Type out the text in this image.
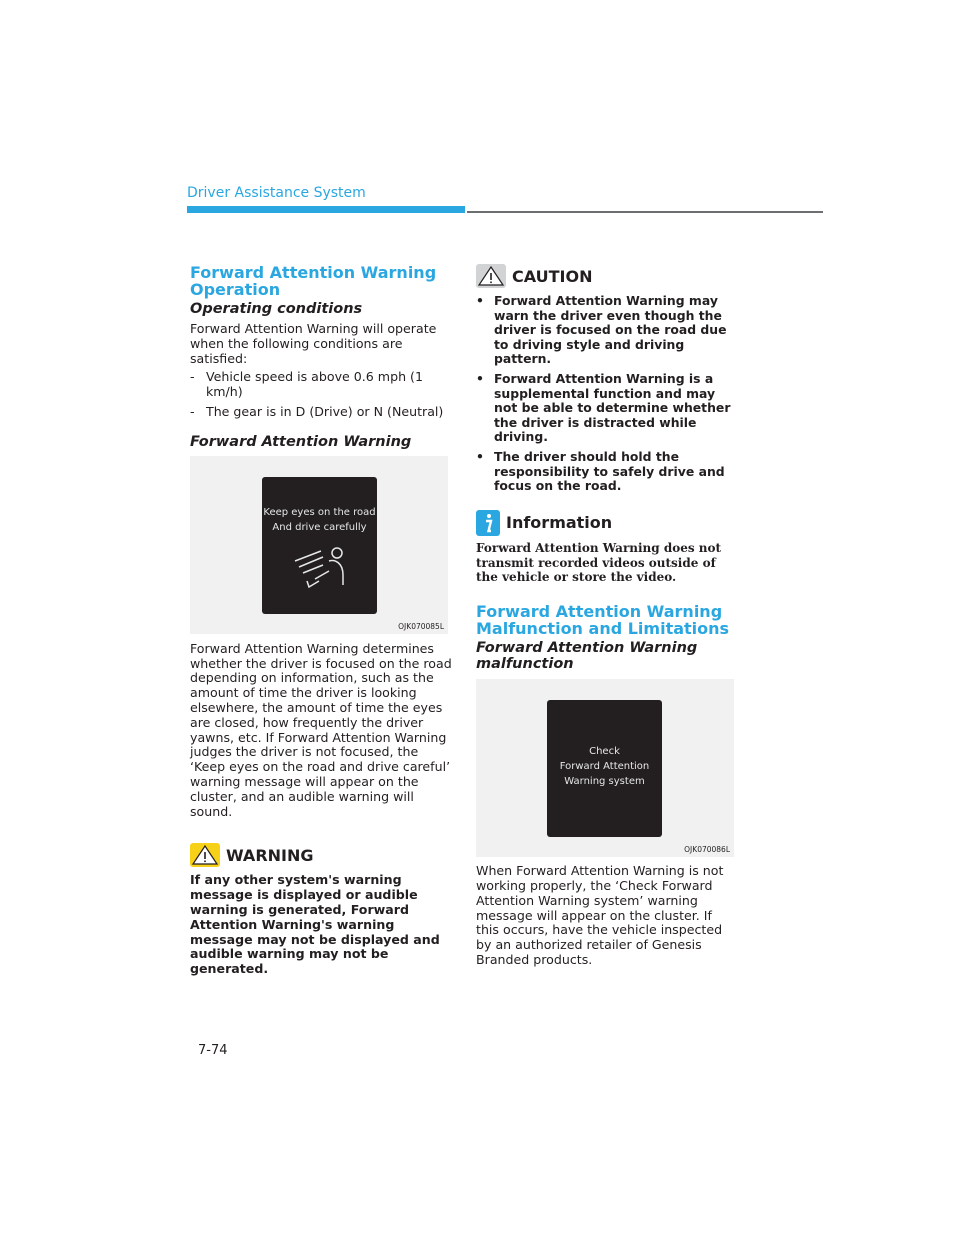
Driver Assistance System
Forward Attention Warning Operation
Operating conditions

Forward Attention Warning will operate when the following conditions are satisfied:

- Vehicle speed is above 0.6 mph (1 km/h)
- The gear is in D (Drive) or N (Neutral)
Forward Attention Warning
Keep eyes on the road
And drive carefully
OJK070085L

Forward Attention Warning determines whether the driver is focused on the road depending on information, such as the amount of time the driver is looking elsewhere, the amount of time the eyes are closed, how frequently the driver yawns, etc. If Forward Attention Warning judges the driver is not focused, the ‘Keep eyes on the road and drive careful’ warning message will appear on the cluster, and an audible warning will sound.

WARNING

If any other system's warning message is displayed or audible warning is generated, Forward Attention Warning's warning message may not be displayed and audible warning may not be generated.

CAUTION
• Forward Attention Warning may warn the driver even though the driver is focused on the road due to driving style and driving pattern.
• Forward Attention Warning is a supplemental function and may not be able to determine whether the driver is distracted while driving.
• The driver should hold the responsibility to safely drive and focus on the road.
Information

Forward Attention Warning does not transmit recorded videos outside of the vehicle or store the video.

Forward Attention Warning Malfunction and Limitations
Forward Attention Warning malfunction
Check
Forward Attention
Warning system
OJK070086L

When Forward Attention Warning is not working properly, the ‘Check Forward Attention Warning system’ warning message will appear on the cluster. If this occurs, have the vehicle inspected by an authorized retailer of Genesis Branded products.

7-74
